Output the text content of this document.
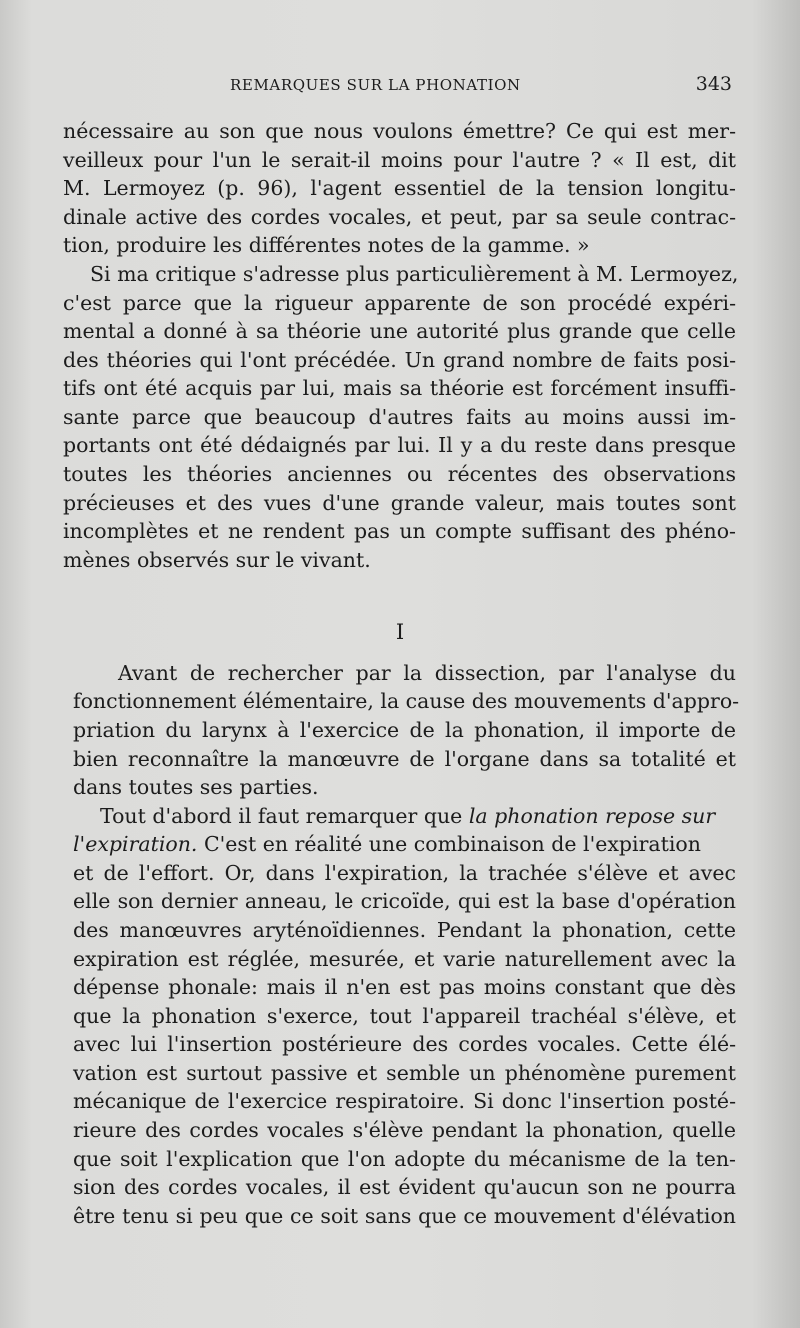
REMARQUES SUR LA PHONATION	343
nécessaire au son que nous voulons émettre? Ce qui est mer-
veilleux pour l'un le serait-il moins pour l'autre ? « Il est, dit
M. Lermoyez (p. 96), l'agent essentiel de la tension longitu-
dinale active des cordes vocales, et peut, par sa seule contrac-
tion, produire les différentes notes de la gamme. »
Si ma critique s'adresse plus particulièrement à M. Lermoyez,
c'est parce que la rigueur apparente de son procédé expéri-
mental a donné à sa théorie une autorité plus grande que celle
des théories qui l'ont précédée. Un grand nombre de faits posi-
tifs ont été acquis par lui, mais sa théorie est forcément insuffi-
sante parce que beaucoup d'autres faits au moins aussi im-
portants ont été dédaignés par lui. Il y a du reste dans presque
toutes les théories anciennes ou récentes des observations
précieuses et des vues d'une grande valeur, mais toutes sont
incomplètes et ne rendent pas un compte suffisant des phéno-
mènes observés sur le vivant.
I
Avant de rechercher par la dissection, par l'analyse du
fonctionnement élémentaire, la cause des mouvements d'appro-
priation du larynx à l'exercice de la phonation, il importe de
bien reconnaître la manœuvre de l'organe dans sa totalité et
dans toutes ses parties.
Tout d'abord il faut remarquer que la phonation repose sur
l'expiration. C'est en réalité une combinaison de l'expiration
et de l'effort. Or, dans l'expiration, la trachée s'élève et avec
elle son dernier anneau, le cricoïde, qui est la base d'opération
des manœuvres aryténoïdiennes. Pendant la phonation, cette
expiration est réglée, mesurée, et varie naturellement avec la
dépense phonale: mais il n'en est pas moins constant que dès
que la phonation s'exerce, tout l'appareil trachéal s'élève, et
avec lui l'insertion postérieure des cordes vocales. Cette élé-
vation est surtout passive et semble un phénomène purement
mécanique de l'exercice respiratoire. Si donc l'insertion posté-
rieure des cordes vocales s'élève pendant la phonation, quelle
que soit l'explication que l'on adopte du mécanisme de la ten-
sion des cordes vocales, il est évident qu'aucun son ne pourra
être tenu si peu que ce soit sans que ce mouvement d'élévation
